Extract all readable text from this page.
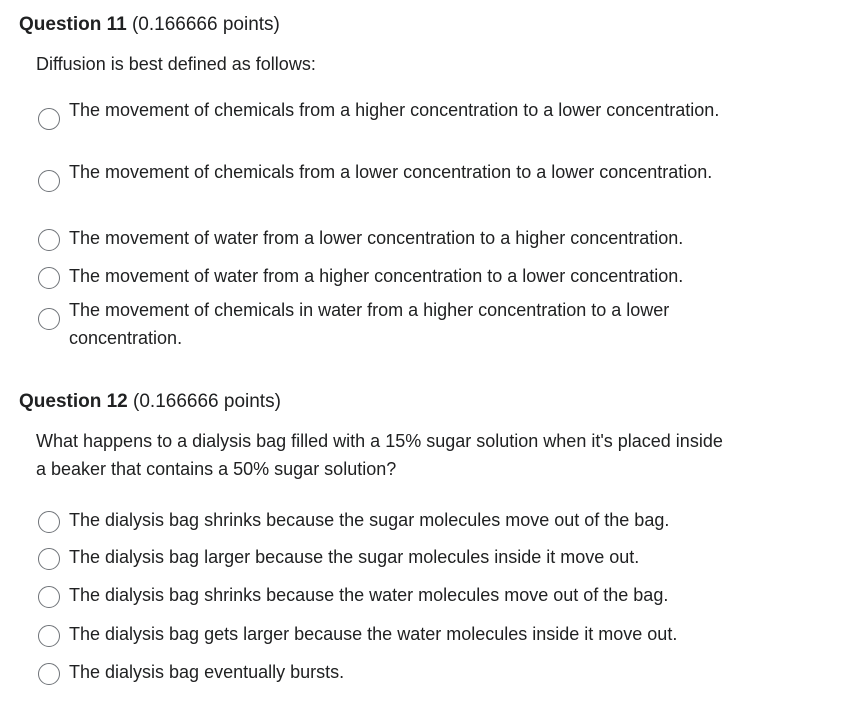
Question 11 (0.166666 points)
Diffusion is best defined as follows:
The movement of chemicals from a higher concentration to a lower concentration.
The movement of chemicals from a lower concentration to a lower concentration.
The movement of water from a lower concentration to a higher concentration.
The movement of water from a higher concentration to a lower concentration.
The movement of chemicals in water from a higher concentration to a lower concentration.
Question 12 (0.166666 points)
What happens to a dialysis bag filled with a 15% sugar solution when it's placed inside a beaker that contains a 50% sugar solution?
The dialysis bag shrinks because the sugar molecules move out of the bag.
The dialysis bag larger because the sugar molecules inside it move out.
The dialysis bag shrinks because the water molecules move out of the bag.
The dialysis bag gets larger because the water molecules inside it move out.
The dialysis bag eventually bursts.
